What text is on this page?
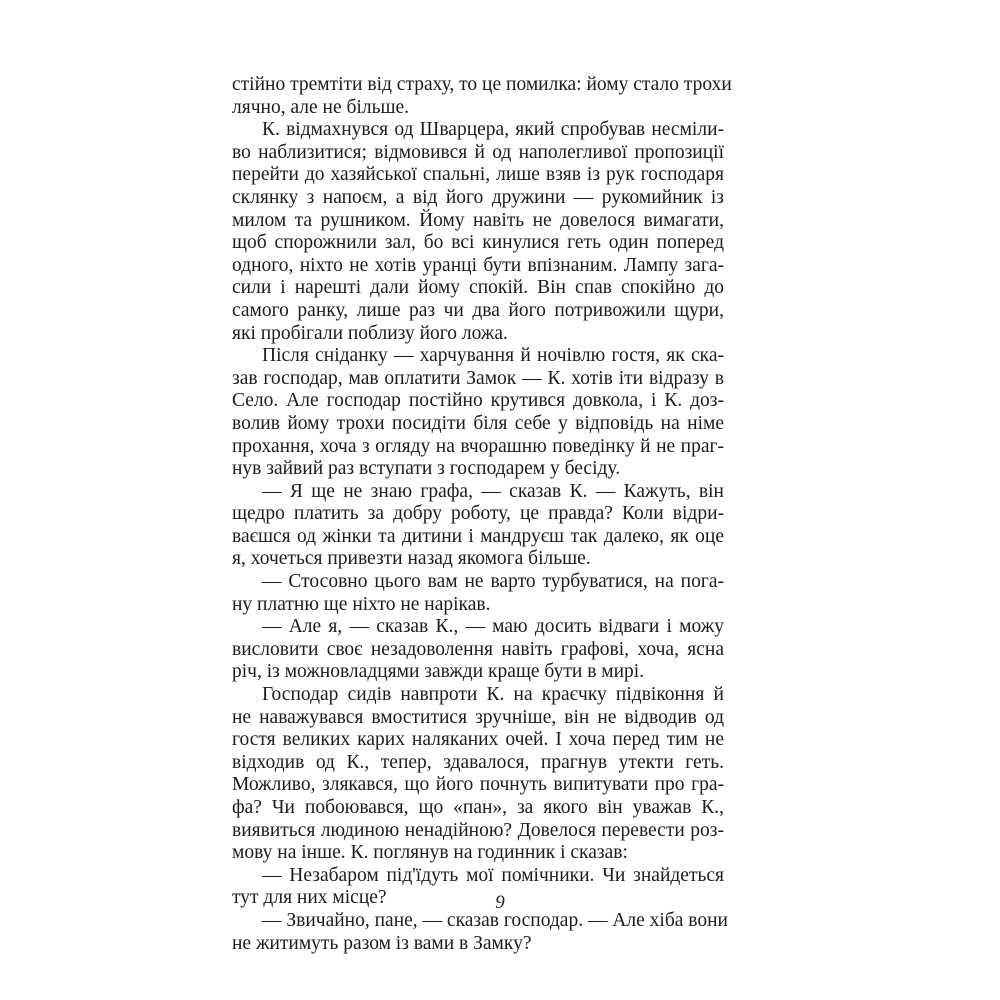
стійно тремтіти від страху, то це помилка: йому стало трохи
лячно, але не більше.
К. відмахнувся од Шварцера, який спробував несміли-
во наблизитися; відмовився й од наполегливої пропозиції
перейти до хазяйської спальні, лише взяв із рук господаря
склянку з напоєм, а від його дружини — рукомийник із
милом та рушником. Йому навіть не довелося вимагати,
щоб спорожнили зал, бо всі кинулися геть один поперед
одного, ніхто не хотів уранці бути впізнаним. Лампу зага-
сили і нарешті дали йому спокій. Він спав спокійно до
самого ранку, лише раз чи два його потривожили щури,
які пробігали поблизу його ложа.
Після сніданку — харчування й ночівлю гостя, як ска-
зав господар, мав оплатити Замок — К. хотів іти відразу в
Село. Але господар постійно крутився довкола, і К. доз-
волив йому трохи посидіти біля себе у відповідь на німе
прохання, хоча з огляду на вчорашню поведінку й не праг-
нув зайвий раз вступати з господарем у бесіду.
— Я ще не знаю графа, — сказав К. — Кажуть, він
щедро платить за добру роботу, це правда? Коли відри-
ваєшся од жінки та дитини і мандруєш так далеко, як оце
я, хочеться привезти назад якомога більше.
— Стосовно цього вам не варто турбуватися, на пога-
ну платню ще ніхто не нарікав.
— Але я, — сказав К., — маю досить відваги і можу
висловити своє незадоволення навіть графові, хоча, ясна
річ, із можновладцями завжди краще бути в мирі.
Господар сидів навпроти К. на краєчку підвіконня й
не наважувався вмоститися зручніше, він не відводив од
гостя великих карих наляканих очей. І хоча перед тим не
відходив од К., тепер, здавалося, прагнув утекти геть.
Можливо, злякався, що його почнуть випитувати про гра-
фа? Чи побоювався, що «пан», за якого він уважав К.,
виявиться людиною ненадійною? Довелося перевести роз-
мову на інше. К. поглянув на годинник і сказав:
— Незабаром під'їдуть мої помічники. Чи знайдеться
тут для них місце?
— Звичайно, пане, — сказав господар. — Але хіба вони
не житимуть разом із вами в Замку?
9
